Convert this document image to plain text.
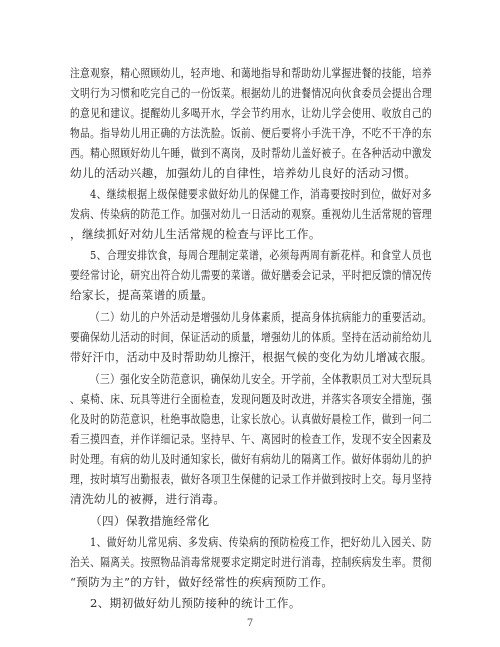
注意观察，精心照顾幼儿，轻声地、和蔼地指导和帮助幼儿掌握进餐的技能，培养
文明行为习惯和吃完自己的一份饭菜。根据幼儿的进餐情况向伙食委员会提出合理
的意见和建议。提醒幼儿多喝开水，学会节约用水，让幼儿学会使用、收放自己的
物品。指导幼儿用正确的方法洗脸。饭前、便后要将小手洗干净，不吃不干净的东
西。精心照顾好幼儿午睡，做到不离岗，及时帮幼儿盖好被子。在各种活动中激发
幼儿的活动兴趣，加强幼儿的自律性，培养幼儿良好的活动习惯。
4、继续根据上级保健要求做好幼儿的保健工作，消毒要按时到位，做好对多
发病、传染病的防范工作。加强对幼儿一日活动的观察。重视幼儿生活常规的管理
，继续抓好对幼儿生活常规的检查与评比工作。
5、合理安排饮食，每周合理制定菜谱，必须每两周有新花样。和食堂人员也
要经常讨论，研究出符合幼儿需要的菜谱。做好膳委会记录，平时把反馈的情况传
给家长，提高菜谱的质量。
（二）幼儿的户外活动是增强幼儿身体素质，提高身体抗病能力的重要活动。
要确保幼儿活动的时间，保证活动的质量，增强幼儿的体质。坚持在活动前给幼儿
带好汗巾，活动中及时帮助幼儿擦汗，根据气候的变化为幼儿增减衣服。
（三）强化安全防范意识，确保幼儿安全。开学前，全体教职员工对大型玩具
、桌椅、床、玩具等进行全面检查，发现问题及时改进，并落实各项安全措施，强
化及时的防范意识，杜绝事故隐患，让家长放心。认真做好晨检工作，做到一问二
看三摸四查，并作详细记录。坚持早、午、离园时的检查工作，发现不安全因素及
时处理。有病的幼儿及时通知家长，做好有病幼儿的隔离工作。做好体弱幼儿的护
理，按时填写出勤报表，做好各项卫生保健的记录工作并做到按时上交。每月坚持
清洗幼儿的被褥，进行消毒。
（四）保教措施经常化
1、做好幼儿常见病、多发病、传染病的预防检疫工作，把好幼儿入园关、防
治关、隔离关。按照物品消毒常规要求定期定时进行消毒，控制疾病发生率。贯彻
“预防为主”的方针，做好经常性的疾病预防工作。
2、期初做好幼儿预防接种的统计工作。
7
